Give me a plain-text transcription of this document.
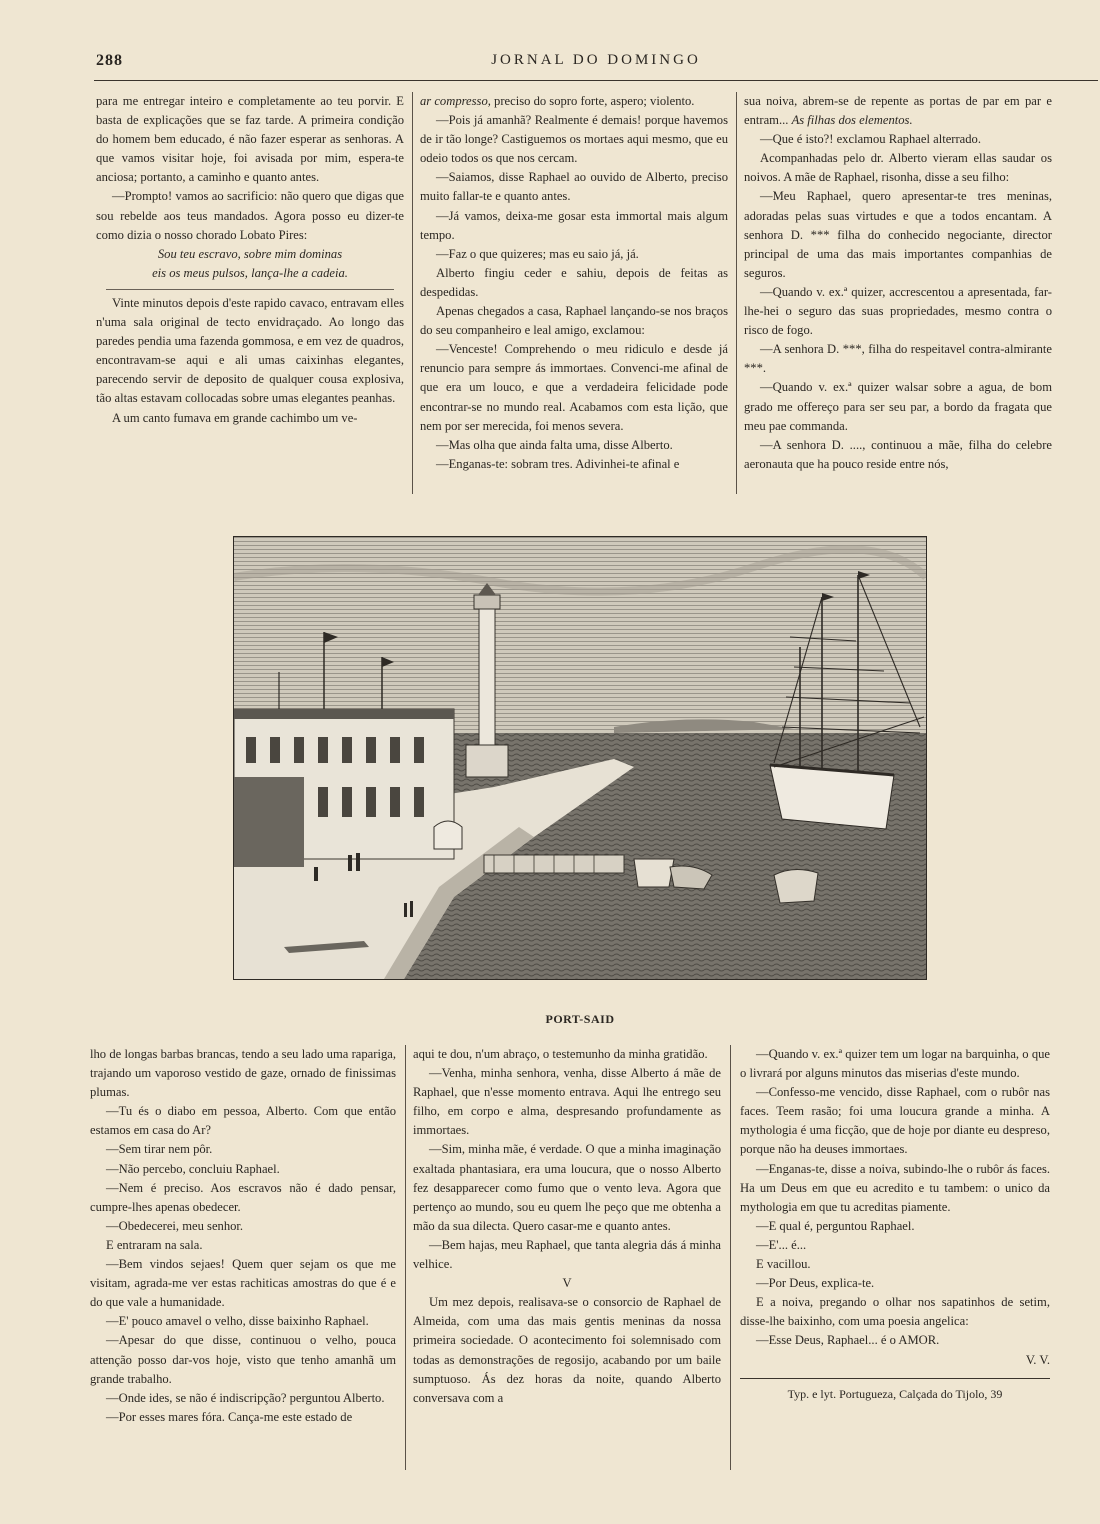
288	JORNAL DO DOMINGO

para me entregar inteiro e completamente ao teu porvir. E basta de explicações que se faz tarde. A primeira condição do homem bem educado, é não fazer esperar as senhoras. A que vamos visitar hoje, foi avisada por mim, espera-te anciosa; portanto, a caminho e quanto antes.

—Prompto! vamos ao sacrificio: não quero que digas que sou rebelde aos teus mandados. Agora posso eu dizer-te como dizia o nosso chorado Lobato Pires:

Sou teu escravo, sobre mim dominas

eis os meus pulsos, lança-lhe a cadeia.

Vinte minutos depois d'este rapido cavaco, entravam elles n'uma sala original de tecto envidraçado. Ao longo das paredes pendia uma fazenda gommosa, e em vez de quadros, encontravam-se aqui e ali umas caixinhas elegantes, parecendo servir de deposito de qualquer cousa explosiva, tão altas estavam collocadas sobre umas elegantes peanhas.

A um canto fumava em grande cachimbo um ve-

ar compresso, preciso do sopro forte, aspero; violento.

—Pois já amanhã? Realmente é demais! porque havemos de ir tão longe? Castiguemos os mortaes aqui mesmo, que eu odeio todos os que nos cercam.

—Saiamos, disse Raphael ao ouvido de Alberto, preciso muito fallar-te e quanto antes.

—Já vamos, deixa-me gosar esta immortal mais algum tempo.

—Faz o que quizeres; mas eu saio já, já.

Alberto fingiu ceder e sahiu, depois de feitas as despedidas.

Apenas chegados a casa, Raphael lançando-se nos braços do seu companheiro e leal amigo, exclamou:

—Venceste! Comprehendo o meu ridiculo e desde já renuncio para sempre ás immortaes. Convenci-me afinal de que era um louco, e que a verdadeira felicidade pode encontrar-se no mundo real. Acabamos com esta lição, que nem por ser merecida, foi menos severa.

—Mas olha que ainda falta uma, disse Alberto.

—Enganas-te: sobram tres. Adivinhei-te afinal e

sua noiva, abrem-se de repente as portas de par em par e entram... As filhas dos elementos.

—Que é isto?! exclamou Raphael alterrado.

Acompanhadas pelo dr. Alberto vieram ellas saudar os noivos. A mãe de Raphael, risonha, disse a seu filho:

—Meu Raphael, quero apresentar-te tres meninas, adoradas pelas suas virtudes e que a todos encantam. A senhora D. *** filha do conhecido negociante, director principal de uma das mais importantes companhias de seguros.

—Quando v. ex.ª quizer, accrescentou a apresentada, far-lhe-hei o seguro das suas propriedades, mesmo contra o risco de fogo.

—A senhora D. ***, filha do respeitavel contra-almirante ***.

—Quando v. ex.ª quizer walsar sobre a agua, de bom grado me offereço para ser seu par, a bordo da fragata que meu pae commanda.

—A senhora D. ...., continuou a mãe, filha do celebre aeronauta que ha pouco reside entre nós,

PORT-SAID

lho de longas barbas brancas, tendo a seu lado uma rapariga, trajando um vaporoso vestido de gaze, ornado de finissimas plumas.

—Tu és o diabo em pessoa, Alberto. Com que então estamos em casa do Ar?

—Sem tirar nem pôr.

—Não percebo, concluiu Raphael.

—Nem é preciso. Aos escravos não é dado pensar, cumpre-lhes apenas obedecer.

—Obedecerei, meu senhor.

E entraram na sala.

—Bem vindos sejaes! Quem quer sejam os que me visitam, agrada-me ver estas rachiticas amostras do que é e do que vale a humanidade.

—E' pouco amavel o velho, disse baixinho Raphael.

—Apesar do que disse, continuou o velho, pouca attenção posso dar-vos hoje, visto que tenho amanhã um grande trabalho.

—Onde ides, se não é indiscripção? perguntou Alberto.

—Por esses mares fóra. Cança-me este estado de

aqui te dou, n'um abraço, o testemunho da minha gratidão.

—Venha, minha senhora, venha, disse Alberto á mãe de Raphael, que n'esse momento entrava. Aqui lhe entrego seu filho, em corpo e alma, despresando profundamente as immortaes.

—Sim, minha mãe, é verdade. O que a minha imaginação exaltada phantasiara, era uma loucura, que o nosso Alberto fez desapparecer como fumo que o vento leva. Agora que pertenço ao mundo, sou eu quem lhe peço que me obtenha a mão da sua dilecta. Quero casar-me e quanto antes.

—Bem hajas, meu Raphael, que tanta alegria dás á minha velhice.

V

Um mez depois, realisava-se o consorcio de Raphael de Almeida, com uma das mais gentis meninas da nossa primeira sociedade. O acontecimento foi solemnisado com todas as demonstrações de regosijo, acabando por um baile sumptuoso. Ás dez horas da noite, quando Alberto conversava com a

—Quando v. ex.ª quizer tem um logar na barquinha, o que o livrará por alguns minutos das miserias d'este mundo.

—Confesso-me vencido, disse Raphael, com o rubôr nas faces. Teem rasão; foi uma loucura grande a minha. A mythologia é uma ficção, que de hoje por diante eu despreso, porque não ha deuses immortaes.

—Enganas-te, disse a noiva, subindo-lhe o rubôr ás faces. Ha um Deus em que eu acredito e tu tambem: o unico da mythologia em que tu acreditas piamente.

—E qual é, perguntou Raphael.

—E'... é...

E vacillou.

—Por Deus, explica-te.

E a noiva, pregando o olhar nos sapatinhos de setim, disse-lhe baixinho, com uma poesia angelica:

—Esse Deus, Raphael... é o AMOR.

V. V.

Typ. e lyt. Portugueza, Calçada do Tijolo, 39
